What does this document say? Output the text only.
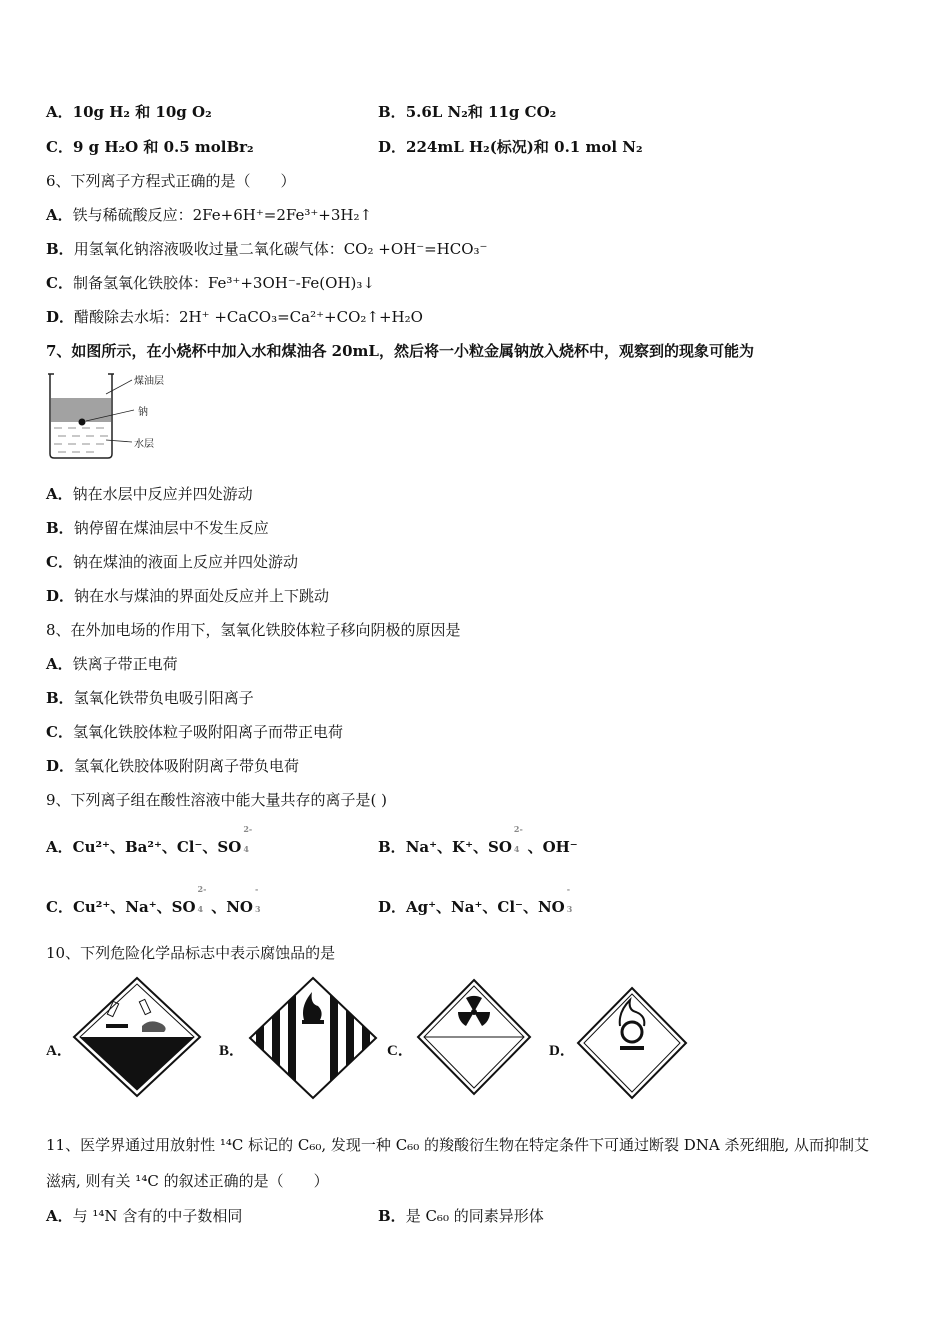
A．10g H₂ 和 10g O₂	B．5.6L N₂和 11g CO₂
C．9 g H₂O 和 0.5 molBr₂	D．224mL H₂(标况)和 0.1 mol N₂
6、下列离子方程式正确的是（　　）
A．铁与稀硫酸反应：2Fe+6H⁺=2Fe³⁺+3H₂↑
B．用氢氧化钠溶液吸收过量二氧化碳气体：CO₂ +OH⁻=HCO₃⁻
C．制备氢氧化铁胶体：Fe³⁺+3OH⁻-Fe(OH)₃↓
D．醋酸除去水垢：2H⁺ +CaCO₃=Ca²⁺+CO₂↑+H₂O
7、如图所示，在小烧杯中加入水和煤油各 20mL，然后将一小粒金属钠放入烧杯中，观察到的现象可能为
煤油层
钠
水层
A．钠在水层中反应并四处游动
B．钠停留在煤油层中不发生反应
C．钠在煤油的液面上反应并四处游动
D．钠在水与煤油的界面处反应并上下跳动
8、在外加电场的作用下，氢氧化铁胶体粒子移向阴极的原因是
A．铁离子带正电荷
B．氢氧化铁带负电吸引阳离子
C．氢氧化铁胶体粒子吸附阳离子而带正电荷
D．氢氧化铁胶体吸附阴离子带负电荷
9、下列离子组在酸性溶液中能大量共存的离子是( )
A．Cu²⁺、Ba²⁺、Cl⁻、SO
2-
4
	B．Na⁺、K⁺、SO
2-
4 、OH⁻
C．Cu²⁺、Na⁺、SO
2-
4 、NO
-
3
	D．Ag⁺、Na⁺、Cl⁻、NO
-
3

10、下列危险化学品标志中表示腐蚀品的是
A．	B．	C．	D．
11、医学界通过用放射性 ¹⁴C 标记的 C₆₀, 发现一种 C₆₀ 的羧酸衍生物在特定条件下可通过断裂 DNA 杀死细胞, 从而抑制艾
滋病, 则有关 ¹⁴C 的叙述正确的是（　　）
A．与 ¹⁴N 含有的中子数相同	B．是 C₆₀ 的同素异形体
